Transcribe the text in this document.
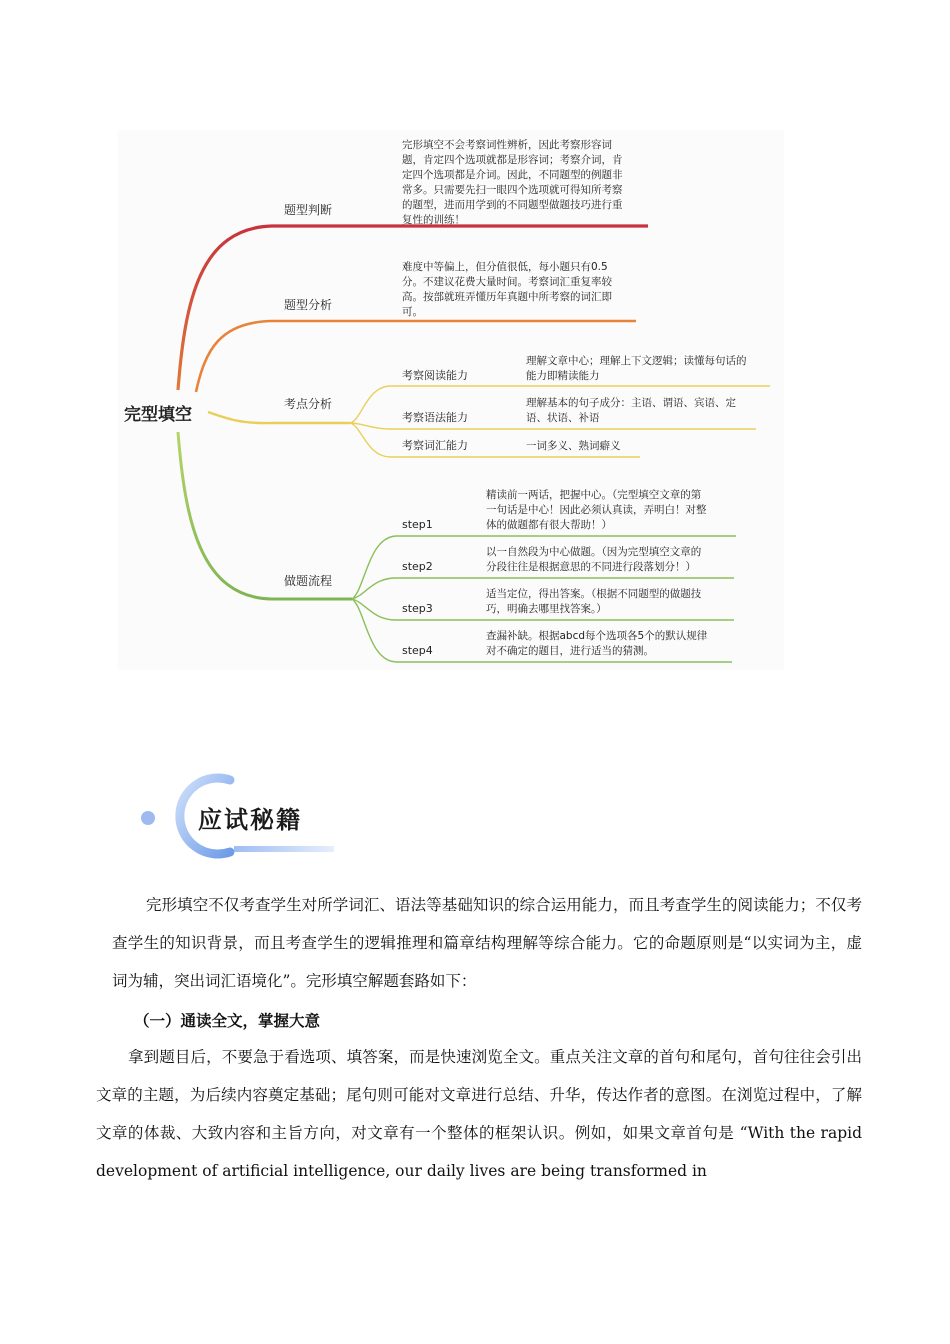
完型填空
题型判断
题型分析
考点分析
做题流程
完形填空不会考察词性辨析，因此考察形容词
题，肯定四个选项就都是形容词；考察介词，肯
定四个选项都是介词。因此，不同题型的例题非
常多。只需要先扫一眼四个选项就可得知所考察
的题型，进而用学到的不同题型做题技巧进行重
复性的训练！
难度中等偏上，但分值很低，每小题只有0.5
分。不建议花费大量时间。考察词汇重复率较
高。按部就班弄懂历年真题中所考察的词汇即
可。
考察阅读能力
理解文章中心；理解上下文逻辑；读懂每句话的
能力即精读能力
考察语法能力
理解基本的句子成分：主语、谓语、宾语、定
语、状语、补语
考察词汇能力	一词多义、熟词癖义
step1
精读前一两话，把握中心。（完型填空文章的第
一句话是中心！因此必须认真读，弄明白！对整
体的做题都有很大帮助！）
step2
以一自然段为中心做题。（因为完型填空文章的
分段往往是根据意思的不同进行段落划分！）
step3
适当定位，得出答案。（根据不同题型的做题技
巧，明确去哪里找答案。）
step4
查漏补缺。根据abcd每个选项各5个的默认规律
对不确定的题目，进行适当的猜测。
应试秘籍

完形填空不仅考查学生对所学词汇、语法等基础知识的综合运用能力，而且考查学生的阅读能力；不仅考查学生的知识背景，而且考查学生的逻辑推理和篇章结构理解等综合能力。它的命题原则是“以实词为主，虚词为辅，突出词汇语境化”。完形填空解题套路如下：

（一）通读全文，掌握大意

拿到题目后，不要急于看选项、填答案，而是快速浏览全文。重点关注文章的首句和尾句，首句往往会引出文章的主题，为后续内容奠定基础；尾句则可能对文章进行总结、升华，传达作者的意图。在浏览过程中，了解文章的体裁、大致内容和主旨方向，对文章有一个整体的框架认识。例如，如果文章首句是 “With the rapid development of artificial intelligence, our daily lives are being transformed in
